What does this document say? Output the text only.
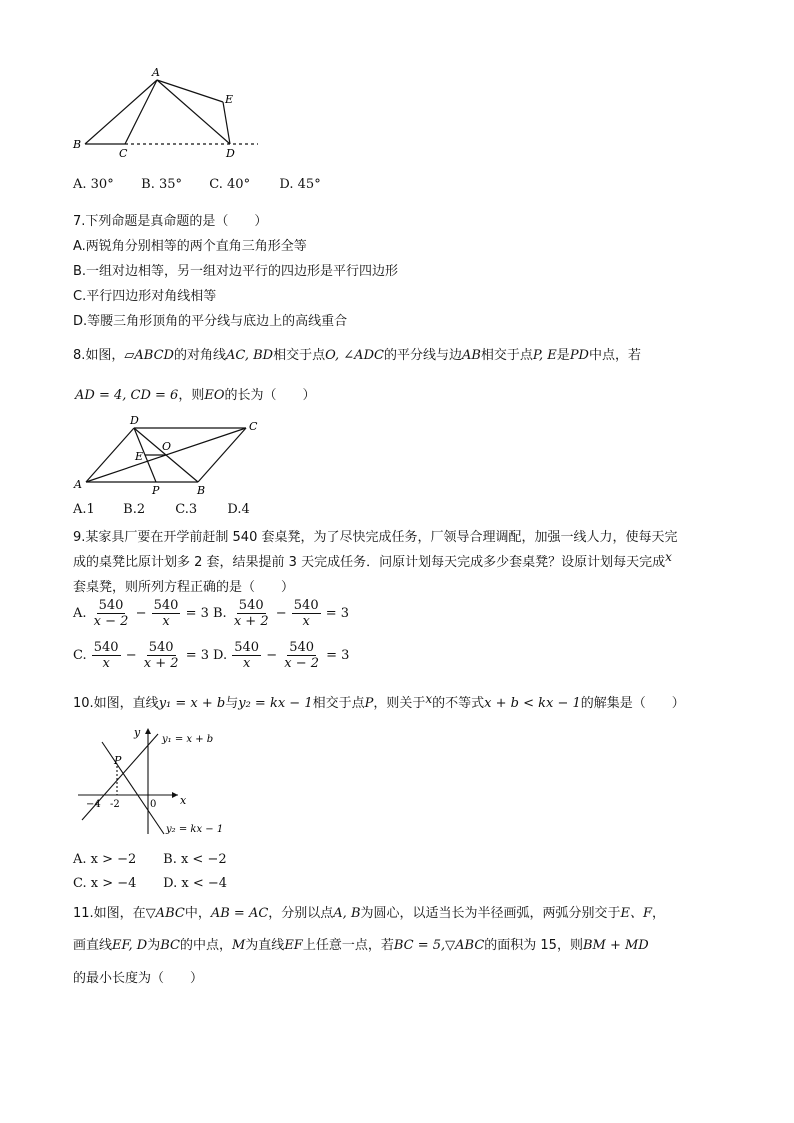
A
B
C	D
E
A. 30° B. 35° C. 40° D. 45°
7.下列命题是真命题的是（　　）
A.两锐角分别相等的两个直角三角形全等
B.一组对边相等，另一组对边平行的四边形是平行四边形
C.平行四边形对角线相等
D.等腰三角形顶角的平分线与底边上的高线重合
8.如图，▱ABCD的对角线AC, BD相交于点O, ∠ADC的平分线与边AB相交于点P, E是PD中点，若
AD = 4, CD = 6，则EO的长为（　　）
D	C
O
E
A	P	B
A.1 B.2 C.3 D.4
9.某家具厂要在开学前赶制 540 套桌凳，为了尽快完成任务，厂领导合理调配，加强一线人力，使每天完
成的桌凳比原计划多 2 套，结果提前 3 天完成任务．问原计划每天完成多少套桌凳？设原计划每天完成x
套桌凳，则所列方程正确的是（　　）
A. $\frac{540}{x - 2} - \frac{540}{x} = 3$ B. $\frac{540}{x + 2} - \frac{540}{x} = 3$
C. $\frac{540}{x} - \frac{540}{x + 2} = 3$ D. $\frac{540}{x} - \frac{540}{x - 2} = 3$
10.如图，直线y₁ = x + b与y₂ = kx − 1相交于点P，则关于x的不等式x + b < kx − 1的解集是（　　）
y
x
0
−4 -2
P
y₁ = x + b
y₂ = kx − 1
A. x > −2 B. x < −2
C. x > −4 D. x < −4
11.如图，在▽ABC中，AB = AC，分别以点A, B为圆心，以适当长为半径画弧，两弧分别交于E、F，
画直线EF, D为BC的中点，M为直线EF上任意一点，若BC = 5,▽ABC的面积为 15，则BM + MD
的最小长度为（　　）
